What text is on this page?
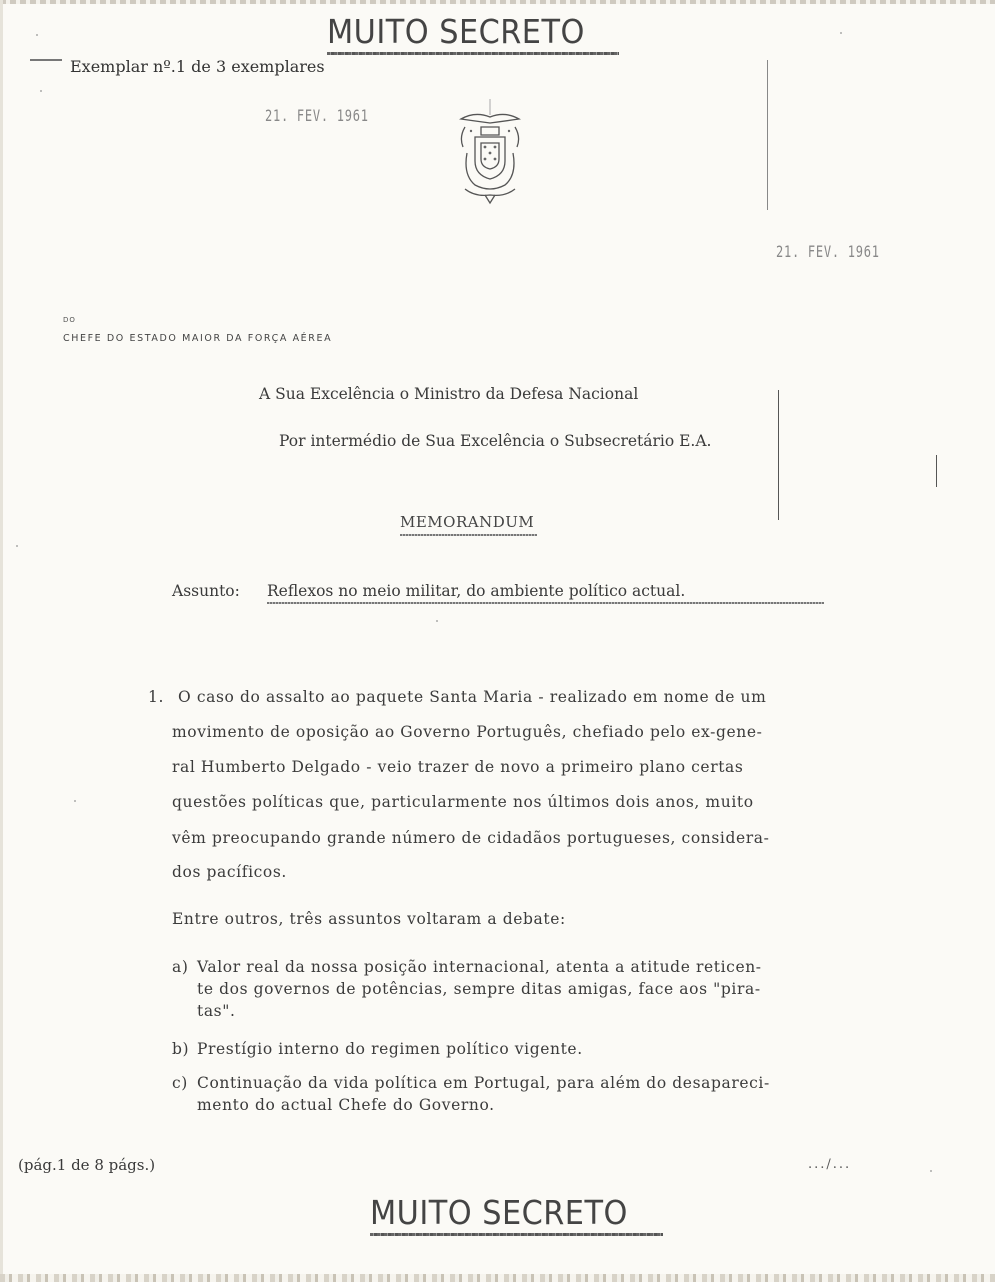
MUITO SECRETO
Exemplar nº.1 de 3 exemplares
21. FEV. 1961
21. FEV. 1961
DO
CHEFE DO ESTADO MAIOR DA FORÇA AÉREA
A Sua Excelência o Ministro da Defesa Nacional
Por intermédio de Sua Excelência o Subsecretário E.A.
MEMORANDUM
Assunto: Reflexos no meio militar, do ambiente político actual.
1. O caso do assalto ao paquete Santa Maria - realizado em nome de um
movimento de oposição ao Governo Português, chefiado pelo ex-gene-
ral Humberto Delgado - veio trazer de novo a primeiro plano certas
questões políticas que, particularmente nos últimos dois anos, muito
vêm preocupando grande número de cidadãos portugueses, considera-
dos pacíficos.
Entre outros, três assuntos voltaram a debate:
a) Valor real da nossa posição internacional, atenta a atitude reticen-
te dos governos de potências, sempre ditas amigas, face aos "pira-
tas".
b) Prestígio interno do regimen político vigente.
c) Continuação da vida política em Portugal, para além do desapareci-
mento do actual Chefe do Governo.
(pág.1 de 8 págs.)	.../...
MUITO SECRETO
